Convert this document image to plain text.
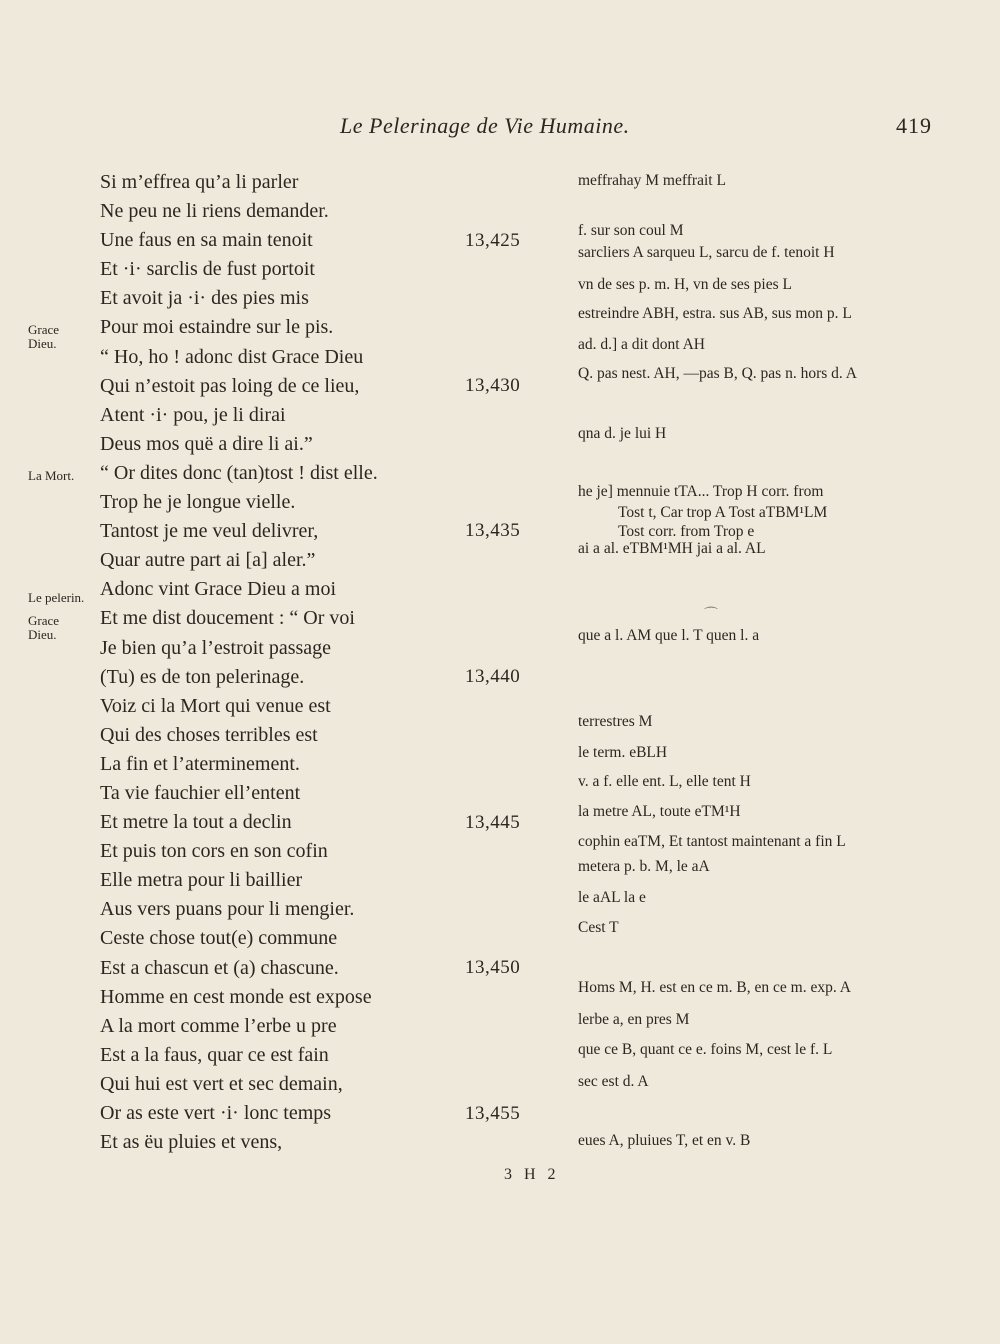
Le Pelerinage de Vie Humaine.	419
Grace
Dieu.
La Mort.
Le pelerin.
Grace
Dieu.
Si m’effrea qu’a li parler
Ne peu ne li riens demander.
Une faus en sa main tenoit
Et ·i· sarclis de fust portoit
Et avoit ja ·i· des pies mis
Pour moi estaindre sur le pis.
“ Ho, ho ! adonc dist Grace Dieu
Qui n’estoit pas loing de ce lieu,
Atent ·i· pou, je li dirai
Deus mos quë a dire li ai.”
“ Or dites donc (tan)tost ! dist elle.
Trop he je longue vielle.
Tantost je me veul delivrer,
Quar autre part ai [a] aler.”
Adonc vint Grace Dieu a moi
Et me dist doucement : “ Or voi
Je bien qu’a l’estroit passage
(Tu) es de ton pelerinage.
Voiz ci la Mort qui venue est
Qui des choses terribles est
La fin et l’aterminement.
Ta vie fauchier ell’entent
Et metre la tout a declin
Et puis ton cors en son cofin
Elle metra pour li baillier
Aus vers puans pour li mengier.
Ceste chose tout(e) commune
Est a chascun et (a) chascune.
Homme en cest monde est expose
A la mort comme l’erbe u pre
Est a la faus, quar ce est fain
Qui hui est vert et sec demain,
Or as este vert ·i· lonc temps
Et as ëu pluies et vens,
13,425
13,430
13,435
13,440
13,445
13,450
13,455
meffrahay M meffrait L
f. sur son coul M
sarcliers A sarqueu L, sarcu de f. tenoit H
vn de ses p. m. H, vn de ses pies L
estreindre ABH, estra. sus AB, sus mon p. L
ad. d.] a dit dont AH
Q. pas nest. AH, —pas B, Q. pas n. hors d. A
qna d. je lui H
he je] mennuie tTA... Trop H corr. from
Tost t, Car trop A Tost aTBM¹LM
Tost corr. from Trop e
ai a al. eTBM¹MH jai a al. AL
que a l. AM que l. T quen l. a
terrestres M
le term. eBLH
v. a f. elle ent. L, elle tent H
la metre AL, toute eTM¹H
cophin eaTM, Et tantost maintenant a fin L
metera p. b. M, le aA
le aAL la e
Cest T
Homs M, H. est en ce m. B, en ce m. exp. A
lerbe a, en pres M
que ce B, quant ce e. foins M, cest le f. L
sec est d. A
eues A, pluiues T, et en v. B
⌒
3 H 2
